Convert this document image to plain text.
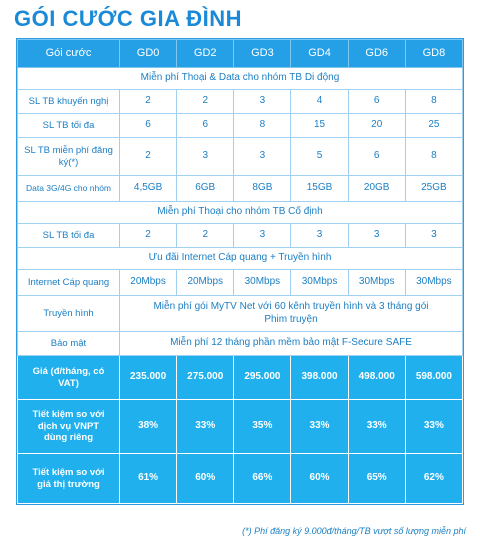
GÓI CƯỚC GIA ĐÌNH
Gói cước	GD0	GD2	GD3	GD4	GD6	GD8
Miễn phí Thoại & Data cho nhóm TB Di động						
SL TB khuyến nghị	2	2	3	4	6	8
SL TB tối đa	6	6	8	15	20	25
SL TB miễn phí đăng ký(*)	2	3	3	5	6	8
Data 3G/4G cho nhóm	4,5GB	6GB	8GB	15GB	20GB	25GB
Miễn phí Thoại cho nhóm TB Cố định						
SL TB tối đa	2	2	3	3	3	3
Ưu đãi Internet Cáp quang + Truyền hình						
Internet Cáp quang	20Mbps	20Mbps	30Mbps	30Mbps	30Mbps	30Mbps
Truyền hình	Miễn phí gói MyTV Net với 60 kênh truyền hình và 3 tháng gói Phim truyện					
Bảo mật	Miễn phí 12 tháng phần mềm bảo mật F-Secure SAFE					
Giá (đ/tháng, có VAT)	235.000	275.000	295.000	398.000	498.000	598.000
Tiết kiệm so với dịch vụ VNPT dùng riêng	38%	33%	35%	33%	33%	33%
Tiết kiệm so với giá thị trường	61%	60%	66%	60%	65%	62%
(*) Phí đăng ký 9.000đ/tháng/TB vượt số lượng miễn phí
